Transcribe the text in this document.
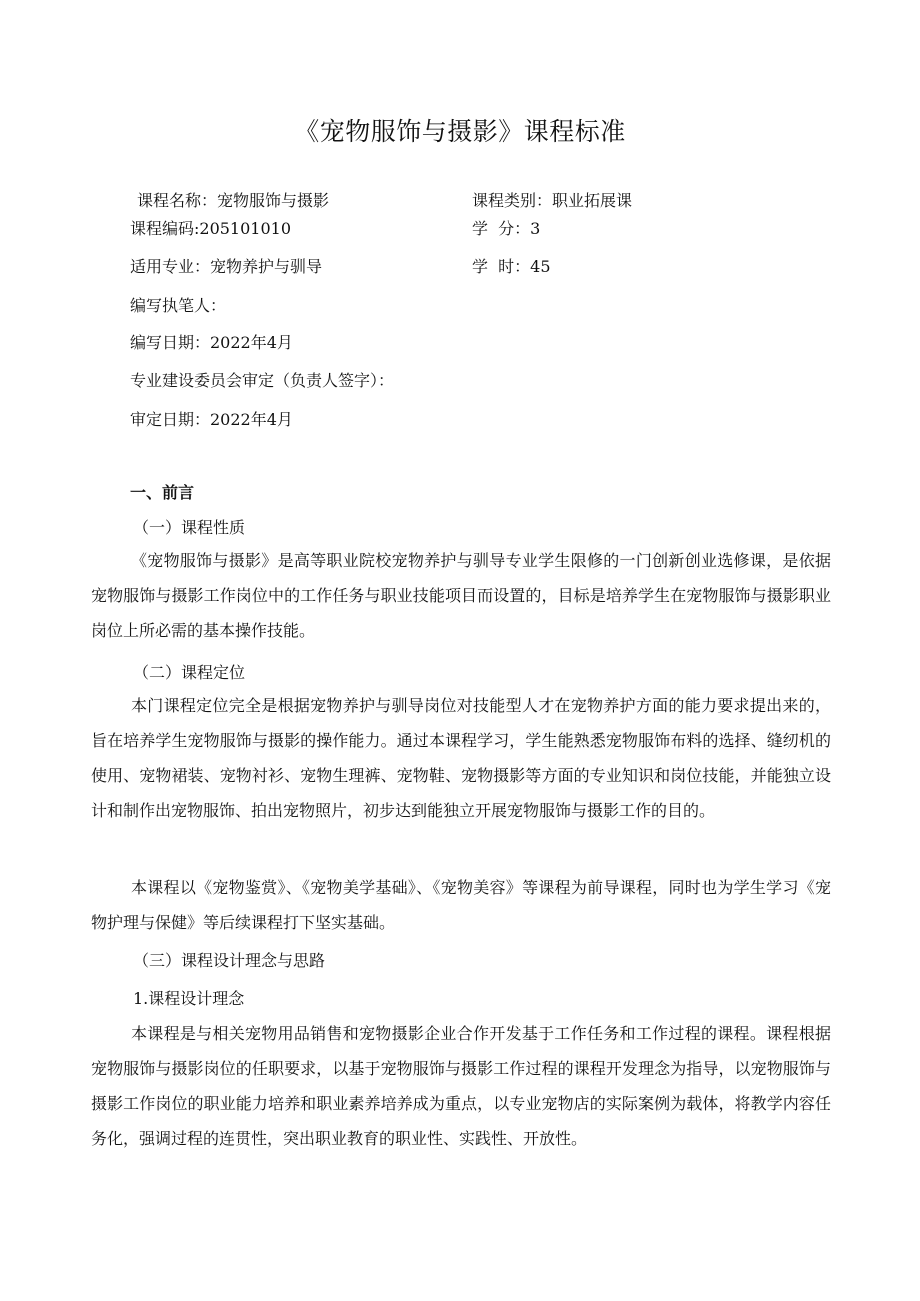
《宠物服饰与摄影》课程标准
课程名称：宠物服饰与摄影	课程类别：职业拓展课
课程编码:205101010	学  分：3
适用专业：宠物养护与驯导	学  时：45
编写执笔人：
编写日期：2022年4月
专业建设委员会审定（负责人签字）：
审定日期：2022年4月
一、前言
（一）课程性质
《宠物服饰与摄影》是高等职业院校宠物养护与驯导专业学生限修的一门创新创业选修课，是依据宠物服饰与摄影工作岗位中的工作任务与职业技能项目而设置的，目标是培养学生在宠物服饰与摄影职业岗位上所必需的基本操作技能。
（二）课程定位
本门课程定位完全是根据宠物养护与驯导岗位对技能型人才在宠物养护方面的能力要求提出来的，旨在培养学生宠物服饰与摄影的操作能力。通过本课程学习，学生能熟悉宠物服饰布料的选择、缝纫机的使用、宠物裙装、宠物衬衫、宠物生理裤、宠物鞋、宠物摄影等方面的专业知识和岗位技能，并能独立设计和制作出宠物服饰、拍出宠物照片，初步达到能独立开展宠物服饰与摄影工作的目的。
本课程以《宠物鉴赏》、《宠物美学基础》、《宠物美容》等课程为前导课程，同时也为学生学习《宠物护理与保健》等后续课程打下坚实基础。
（三）课程设计理念与思路
1.课程设计理念
本课程是与相关宠物用品销售和宠物摄影企业合作开发基于工作任务和工作过程的课程。课程根据宠物服饰与摄影岗位的任职要求，以基于宠物服饰与摄影工作过程的课程开发理念为指导，以宠物服饰与摄影工作岗位的职业能力培养和职业素养培养成为重点，以专业宠物店的实际案例为载体，将教学内容任务化，强调过程的连贯性，突出职业教育的职业性、实践性、开放性。
